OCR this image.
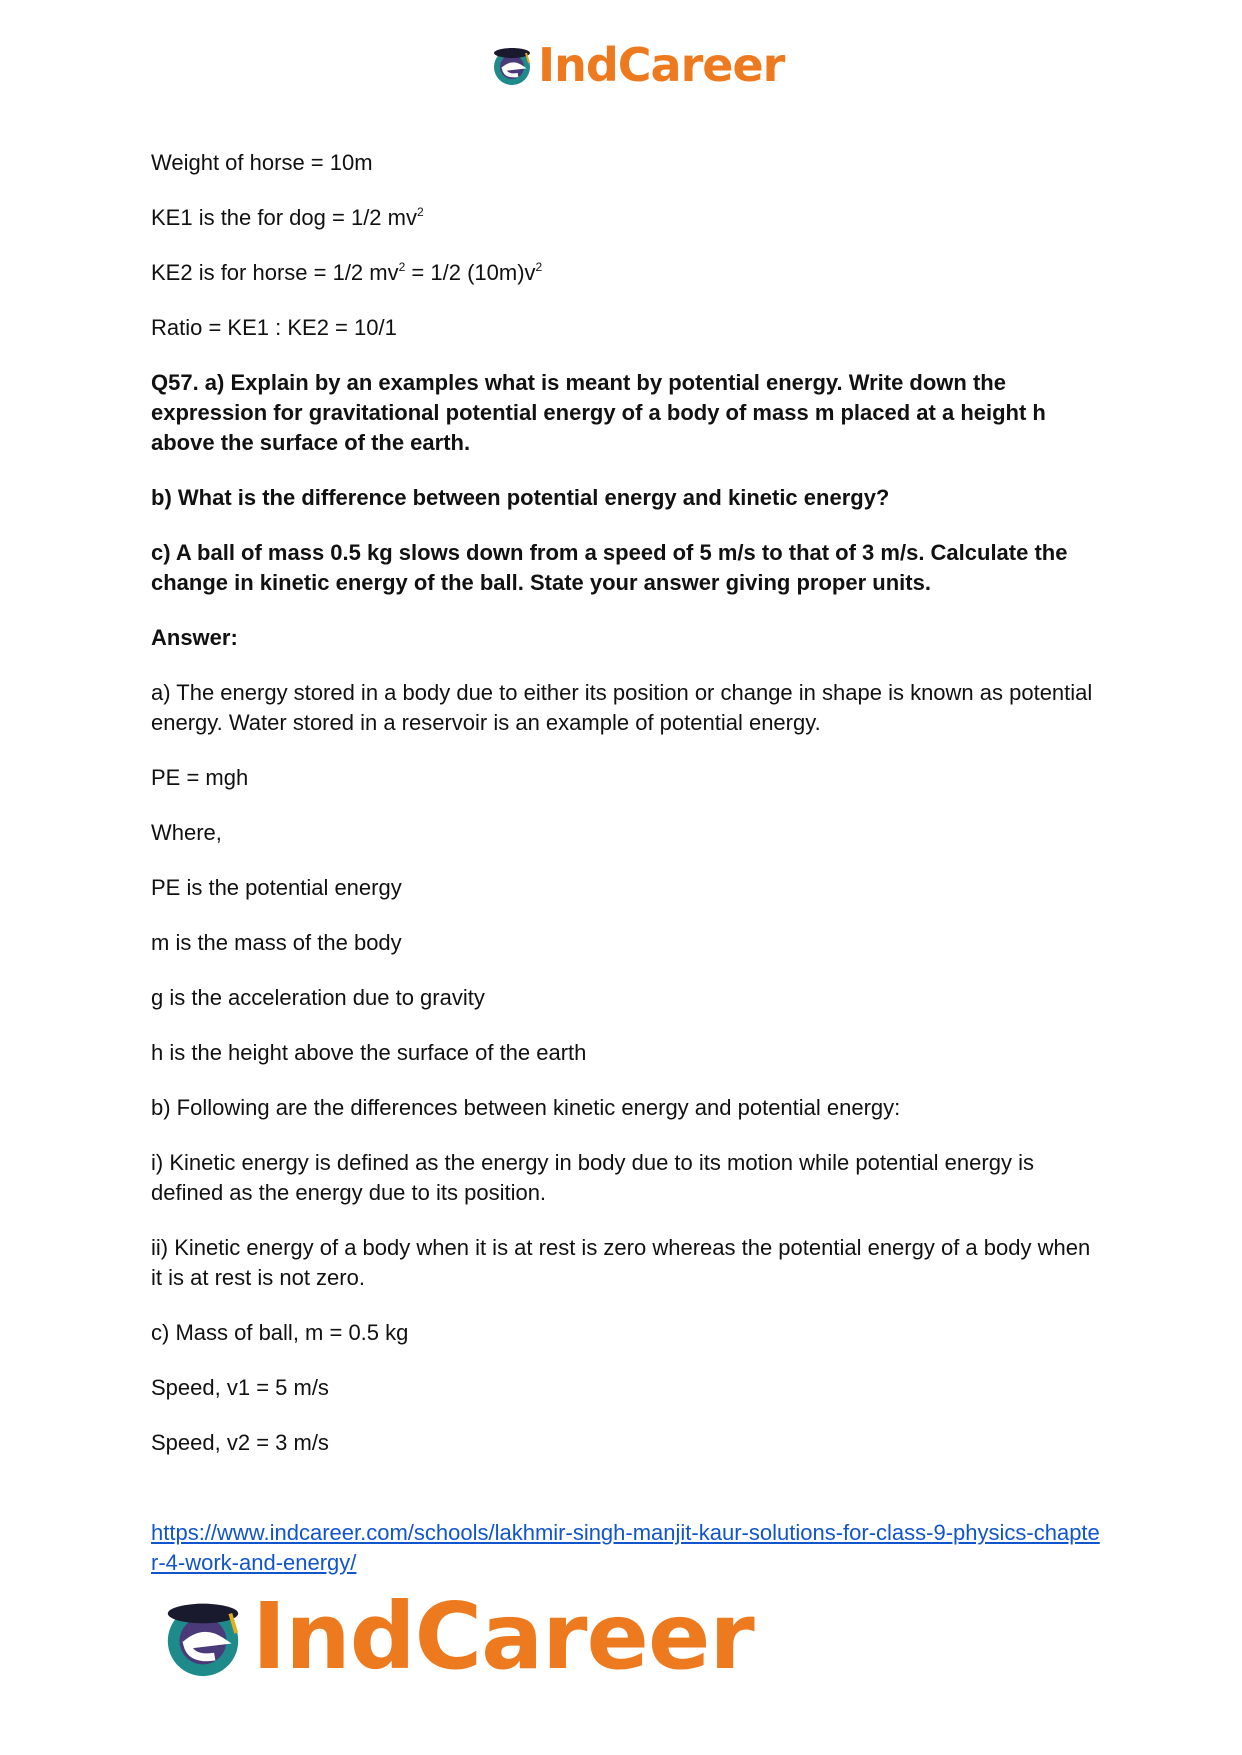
IndCareer

Weight of horse = 10m

KE1 is the for dog = 1/2 $mv^2$

KE2 is for horse = 1/2 $mv^2 = 1/2$ $(10m)v^2$

Ratio = KE1 : KE2 = 10/1

Q57. a) Explain by an examples what is meant by potential energy. Write down the expression for gravitational potential energy of a body of mass m placed at a height h above the surface of the earth.

b) What is the difference between potential energy and kinetic energy?

c) A ball of mass 0.5 kg slows down from a speed of 5 m/s to that of 3 m/s. Calculate the change in kinetic energy of the ball. State your answer giving proper units.

Answer:

a) The energy stored in a body due to either its position or change in shape is known as potential energy. Water stored in a reservoir is an example of potential energy.

PE = mgh

Where,

PE is the potential energy

m is the mass of the body

g is the acceleration due to gravity

h is the height above the surface of the earth

b) Following are the differences between kinetic energy and potential energy:

i) Kinetic energy is defined as the energy in body due to its motion while potential energy is defined as the energy due to its position.

ii) Kinetic energy of a body when it is at rest is zero whereas the potential energy of a body when it is at rest is not zero.

c) Mass of ball, m = 0.5 kg

Speed, v1 = 5 m/s

Speed, v2 = 3 m/s

https://www.indcareer.com/schools/lakhmir-singh-manjit-kaur-solutions-for-class-9-physics-chapter-4-work-and-energy/
IndCareer
